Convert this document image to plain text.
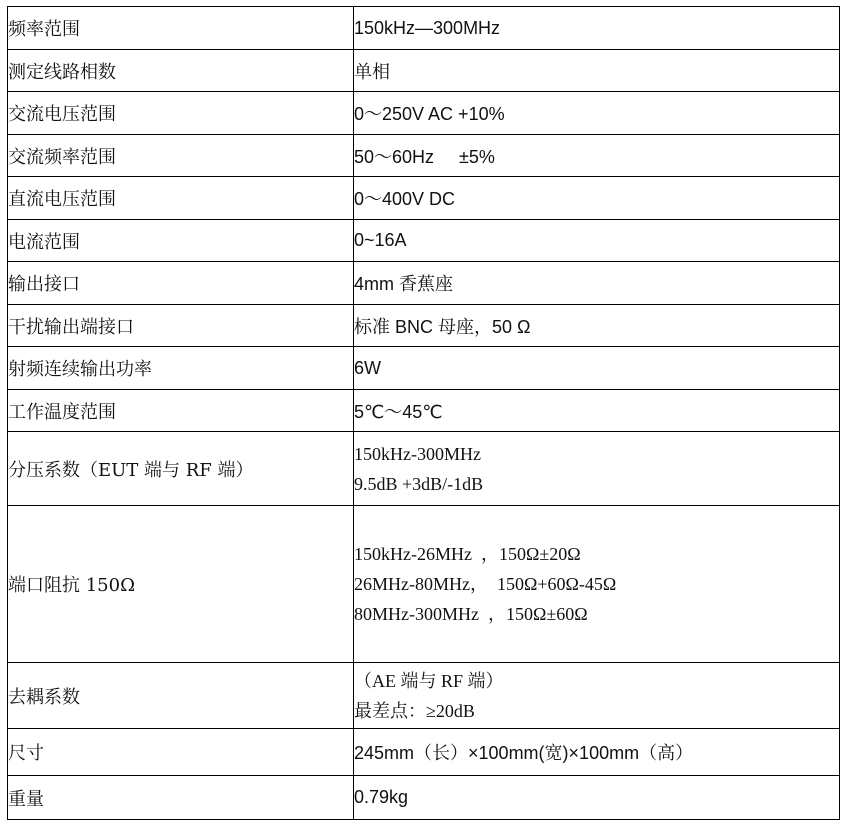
频率范围	150kHz—300MHz
测定线路相数	单相
交流电压范围	0～250V AC +10%
交流频率范围	50～60Hz     ±5%
直流电压范围	0～400V DC
电流范围	0~16A
输出接口	4mm 香蕉座
干扰输出端接口	标准 BNC 母座，50 Ω
射频连续输出功率	6W
工作温度范围	5℃～45℃
分压系数（EUT 端与 RF 端）	150kHz-300MHz
9.5dB +3dB/-1dB

端口阻抗 150Ω	150kHz-26MHz  ，150Ω±20Ω
26MHz-80MHz，  150Ω+60Ω-45Ω
80MHz-300MHz  ，150Ω±60Ω

去耦系数	（AE 端与 RF 端）
最差点：≥20dB

尺寸	245mm（长）×100mm(宽)×100mm（高）
重量	0.79kg
